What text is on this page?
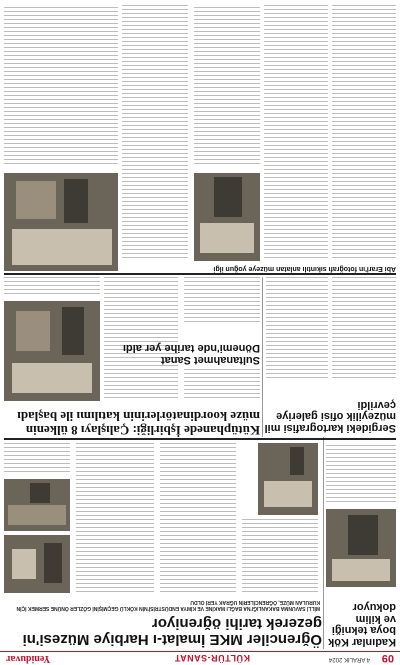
09
4 ARALIK 2024
KÜLTÜR-SANAT
Yeniduvar
Öğrenciler MKE İmalat-ı Harbiye Müzesi'ni gezerek tarihi öğreniyor
MİLLİ SAVUNMA BAKANLIĞI'NA BAĞLI MAKİNE VE KİMYA ENDÜSTRİSİ'NİN KÖKLÜ GEÇMİŞİNİ GÖZLER ÖNÜNE SERMEK İÇİN KURULAN MÜZE, ÖĞRENCİLERİN UĞRAK YERİ OLDU
Kadınlar Kök boya tekniği ve kilim dokuyor
Kütüphanede İşbirliği: Çalışlayı 8 ülkenin müze koordinatörlerinin katılımı ile başladı
Sergideki kartografisi mil müzeyilik ofisi galeriye çevrildi
Sultanahmet Sanat Dönemi'nde tarihe yer aldı
Abi Erarl'ın fotoğrafı sıkıntılı anlatan müzeye yoğun ilgi
